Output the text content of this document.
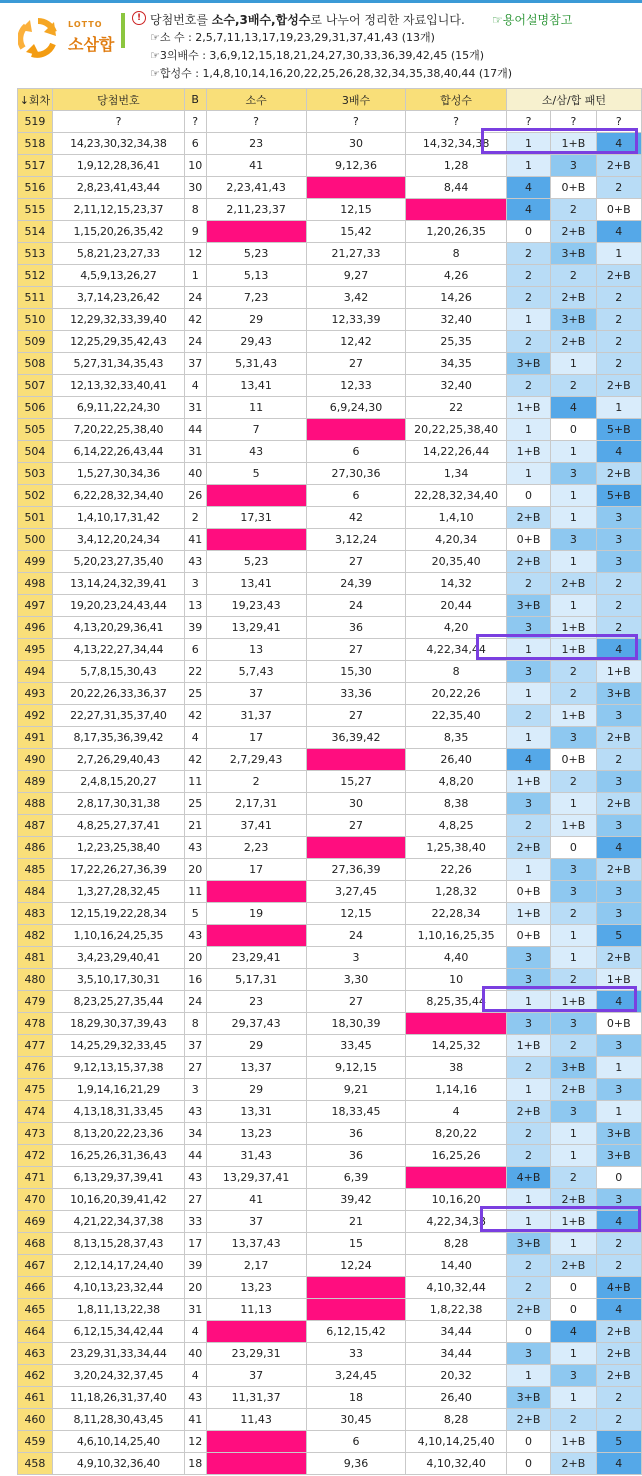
LOTTO
소삼합
! 당첨번호를 소수,3배수,합성수로 나누어 정리한 자료입니다. ☞용어설명참고
☞소 수 : 2,5,7,11,13,17,19,23,29,31,37,41,43 (13개)
☞3의배수 : 3,6,9,12,15,18,21,24,27,30,33,36,39,42,45 (15개)
☞합성수 : 1,4,8,10,14,16,20,22,25,26,28,32,34,35,38,40,44 (17개)
↓회차	당첨번호	B	소수	3배수	합성수	소/삼/합 패턴		
519	?	?	?	?	?	?	?	?
518	14,23,30,32,34,38	6	23	30	14,32,34,38	1	1+B	4
517	1,9,12,28,36,41	10	41	9,12,36	1,28	1	3	2+B
516	2,8,23,41,43,44	30	2,23,41,43		8,44	4	0+B	2
515	2,11,12,15,23,37	8	2,11,23,37	12,15		4	2	0+B
514	1,15,20,26,35,42	9		15,42	1,20,26,35	0	2+B	4
513	5,8,21,23,27,33	12	5,23	21,27,33	8	2	3+B	1
512	4,5,9,13,26,27	1	5,13	9,27	4,26	2	2	2+B
511	3,7,14,23,26,42	24	7,23	3,42	14,26	2	2+B	2
510	12,29,32,33,39,40	42	29	12,33,39	32,40	1	3+B	2
509	12,25,29,35,42,43	24	29,43	12,42	25,35	2	2+B	2
508	5,27,31,34,35,43	37	5,31,43	27	34,35	3+B	1	2
507	12,13,32,33,40,41	4	13,41	12,33	32,40	2	2	2+B
506	6,9,11,22,24,30	31	11	6,9,24,30	22	1+B	4	1
505	7,20,22,25,38,40	44	7		20,22,25,38,40	1	0	5+B
504	6,14,22,26,43,44	31	43	6	14,22,26,44	1+B	1	4
503	1,5,27,30,34,36	40	5	27,30,36	1,34	1	3	2+B
502	6,22,28,32,34,40	26		6	22,28,32,34,40	0	1	5+B
501	1,4,10,17,31,42	2	17,31	42	1,4,10	2+B	1	3
500	3,4,12,20,24,34	41		3,12,24	4,20,34	0+B	3	3
499	5,20,23,27,35,40	43	5,23	27	20,35,40	2+B	1	3
498	13,14,24,32,39,41	3	13,41	24,39	14,32	2	2+B	2
497	19,20,23,24,43,44	13	19,23,43	24	20,44	3+B	1	2
496	4,13,20,29,36,41	39	13,29,41	36	4,20	3	1+B	2
495	4,13,22,27,34,44	6	13	27	4,22,34,44	1	1+B	4
494	5,7,8,15,30,43	22	5,7,43	15,30	8	3	2	1+B
493	20,22,26,33,36,37	25	37	33,36	20,22,26	1	2	3+B
492	22,27,31,35,37,40	42	31,37	27	22,35,40	2	1+B	3
491	8,17,35,36,39,42	4	17	36,39,42	8,35	1	3	2+B
490	2,7,26,29,40,43	42	2,7,29,43		26,40	4	0+B	2
489	2,4,8,15,20,27	11	2	15,27	4,8,20	1+B	2	3
488	2,8,17,30,31,38	25	2,17,31	30	8,38	3	1	2+B
487	4,8,25,27,37,41	21	37,41	27	4,8,25	2	1+B	3
486	1,2,23,25,38,40	43	2,23		1,25,38,40	2+B	0	4
485	17,22,26,27,36,39	20	17	27,36,39	22,26	1	3	2+B
484	1,3,27,28,32,45	11		3,27,45	1,28,32	0+B	3	3
483	12,15,19,22,28,34	5	19	12,15	22,28,34	1+B	2	3
482	1,10,16,24,25,35	43		24	1,10,16,25,35	0+B	1	5
481	3,4,23,29,40,41	20	23,29,41	3	4,40	3	1	2+B
480	3,5,10,17,30,31	16	5,17,31	3,30	10	3	2	1+B
479	8,23,25,27,35,44	24	23	27	8,25,35,44	1	1+B	4
478	18,29,30,37,39,43	8	29,37,43	18,30,39		3	3	0+B
477	14,25,29,32,33,45	37	29	33,45	14,25,32	1+B	2	3
476	9,12,13,15,37,38	27	13,37	9,12,15	38	2	3+B	1
475	1,9,14,16,21,29	3	29	9,21	1,14,16	1	2+B	3
474	4,13,18,31,33,45	43	13,31	18,33,45	4	2+B	3	1
473	8,13,20,22,23,36	34	13,23	36	8,20,22	2	1	3+B
472	16,25,26,31,36,43	44	31,43	36	16,25,26	2	1	3+B
471	6,13,29,37,39,41	43	13,29,37,41	6,39		4+B	2	0
470	10,16,20,39,41,42	27	41	39,42	10,16,20	1	2+B	3
469	4,21,22,34,37,38	33	37	21	4,22,34,38	1	1+B	4
468	8,13,15,28,37,43	17	13,37,43	15	8,28	3+B	1	2
467	2,12,14,17,24,40	39	2,17	12,24	14,40	2	2+B	2
466	4,10,13,23,32,44	20	13,23		4,10,32,44	2	0	4+B
465	1,8,11,13,22,38	31	11,13		1,8,22,38	2+B	0	4
464	6,12,15,34,42,44	4		6,12,15,42	34,44	0	4	2+B
463	23,29,31,33,34,44	40	23,29,31	33	34,44	3	1	2+B
462	3,20,24,32,37,45	4	37	3,24,45	20,32	1	3	2+B
461	11,18,26,31,37,40	43	11,31,37	18	26,40	3+B	1	2
460	8,11,28,30,43,45	41	11,43	30,45	8,28	2+B	2	2
459	4,6,10,14,25,40	12		6	4,10,14,25,40	0	1+B	5
458	4,9,10,32,36,40	18		9,36	4,10,32,40	0	2+B	4
